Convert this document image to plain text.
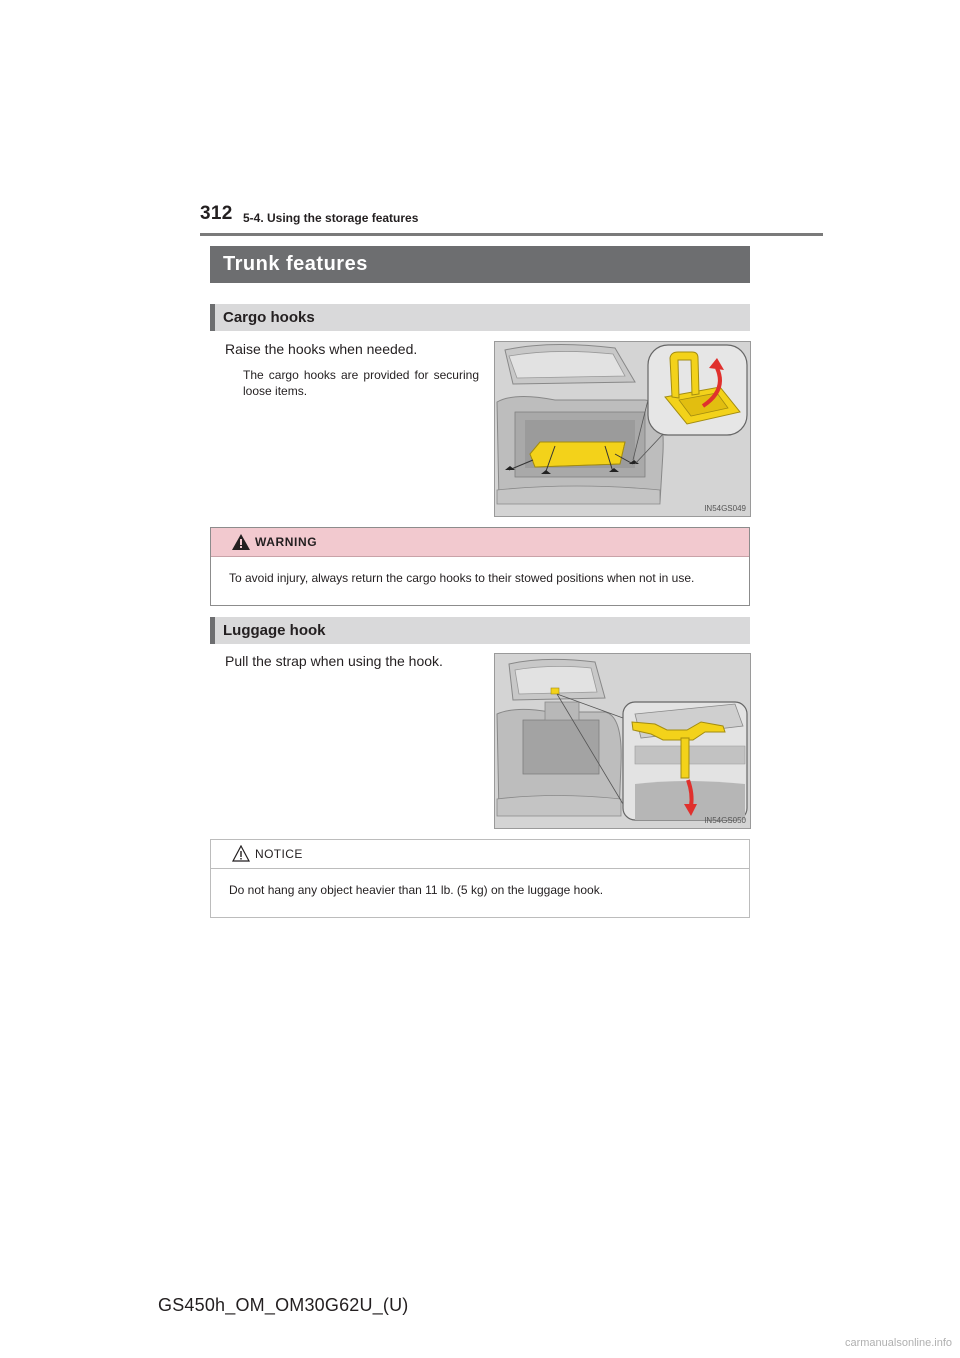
312 5-4. Using the storage features
Trunk features
Cargo hooks
Raise the hooks when needed.
The cargo hooks are provided for securing loose items.
IN54GS049
WARNING
To avoid injury, always return the cargo hooks to their stowed positions when not in use.
Luggage hook
Pull the strap when using the hook.
IN54GS050
NOTICE
Do not hang any object heavier than 11 lb. (5 kg) on the luggage hook.
GS450h_OM_OM30G62U_(U)
carmanualsonline.info
